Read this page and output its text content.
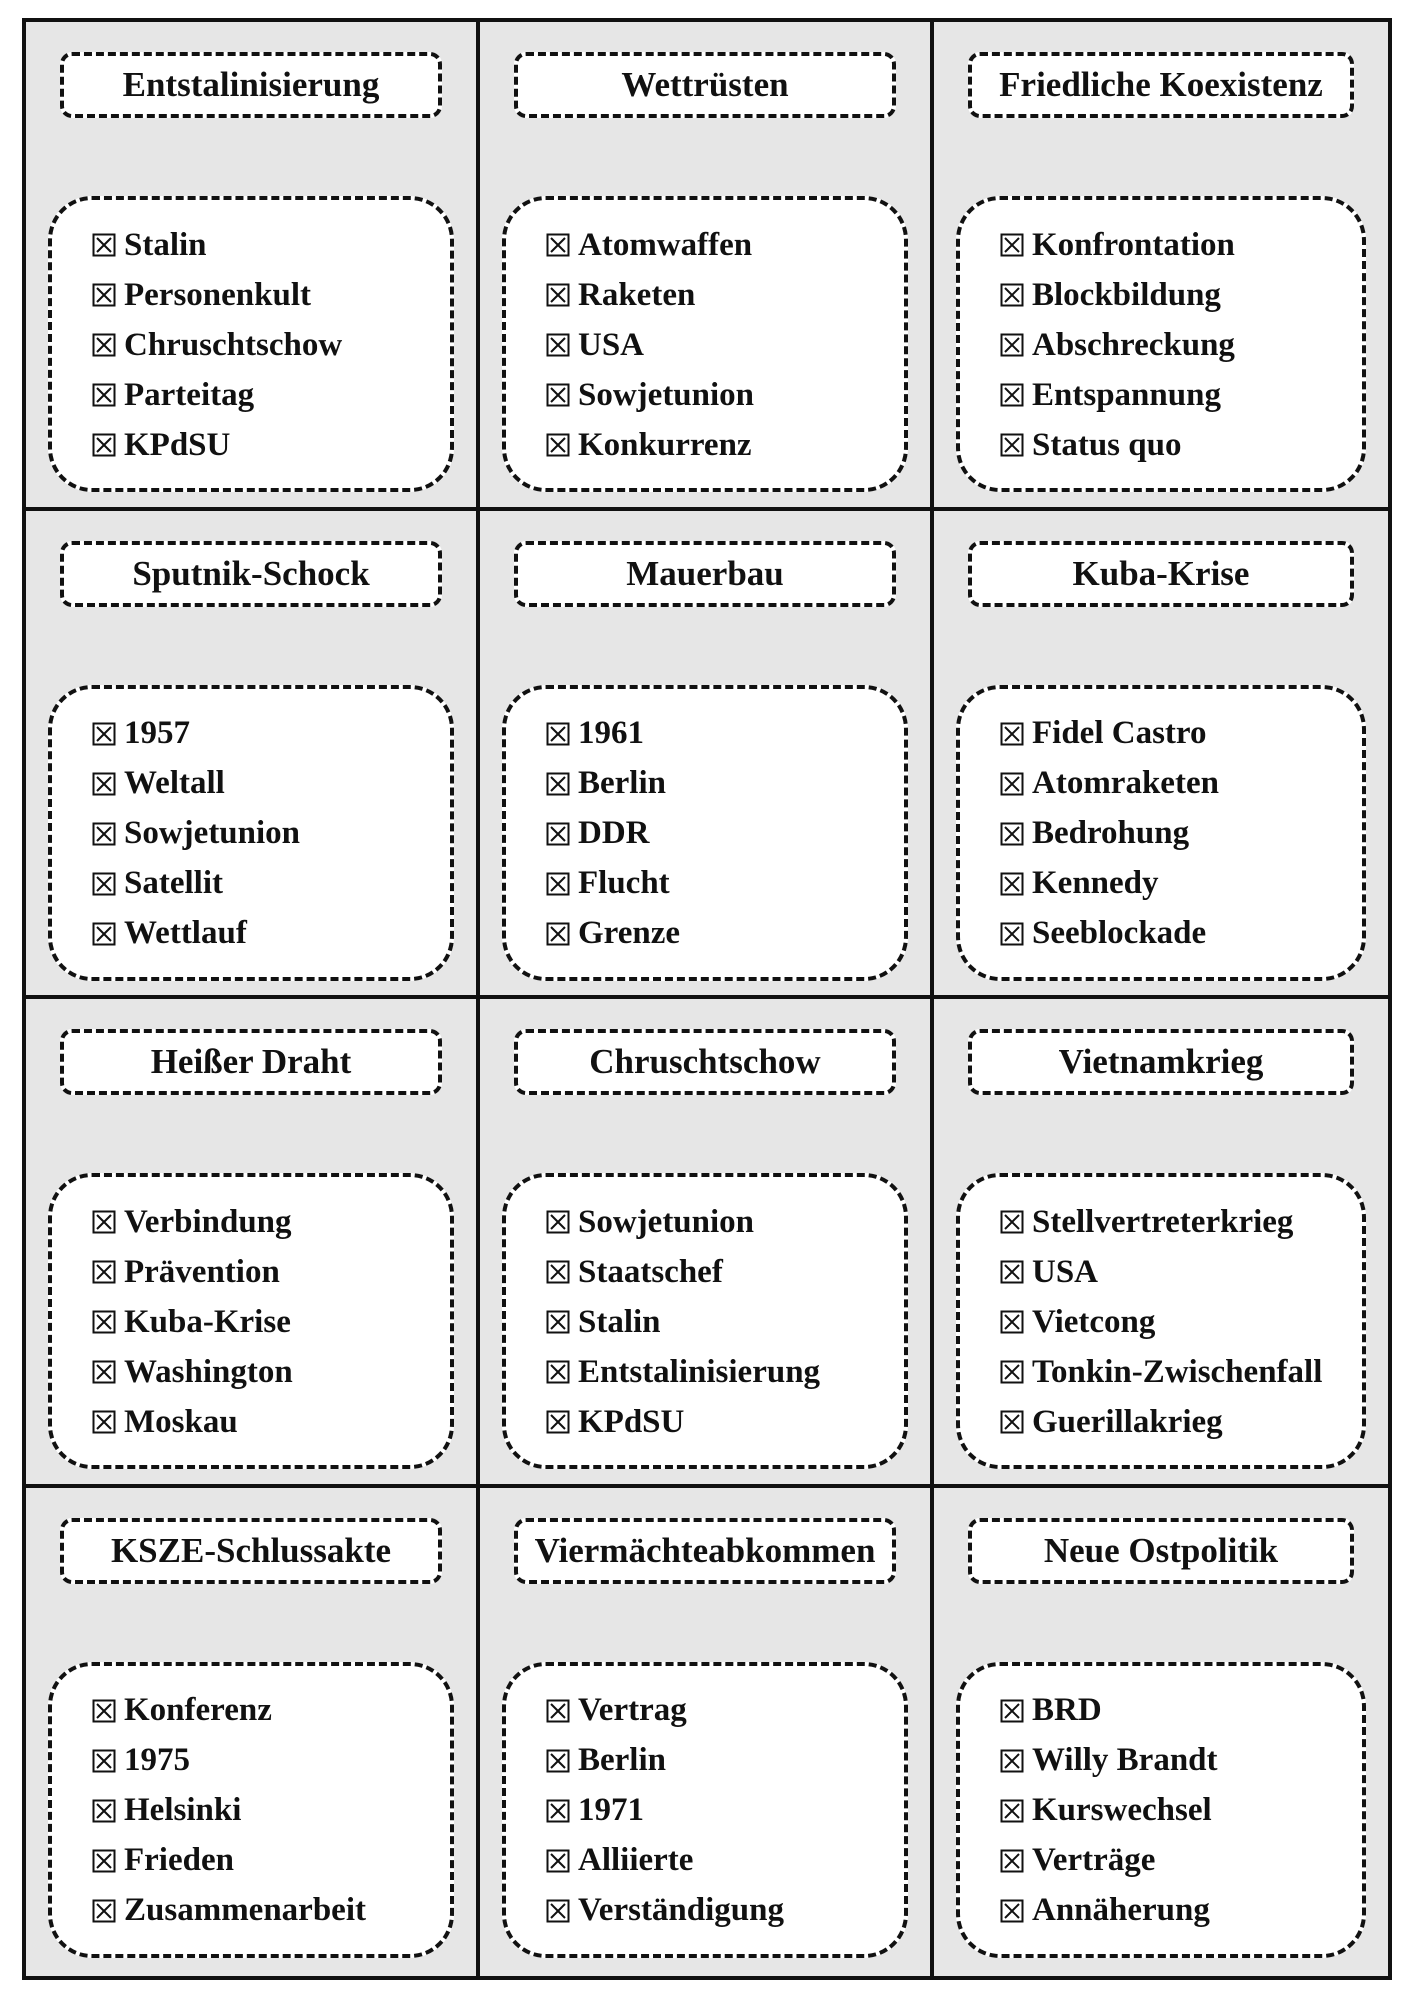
Entstalinisierung
Stalin
Personenkult
Chruschtschow
Parteitag
KPdSU
Wettrüsten
Atomwaffen
Raketen
USA
Sowjetunion
Konkurrenz
Friedliche Koexistenz
Konfrontation
Blockbildung
Abschreckung
Entspannung
Status quo
Sputnik-Schock
1957
Weltall
Sowjetunion
Satellit
Wettlauf
Mauerbau
1961
Berlin
DDR
Flucht
Grenze
Kuba-Krise
Fidel Castro
Atomraketen
Bedrohung
Kennedy
Seeblockade
Heißer Draht
Verbindung
Prävention
Kuba-Krise
Washington
Moskau
Chruschtschow
Sowjetunion
Staatschef
Stalin
Entstalinisierung
KPdSU
Vietnamkrieg
Stellvertreterkrieg
USA
Vietcong
Tonkin-Zwischenfall
Guerillakrieg
KSZE-Schlussakte
Konferenz
1975
Helsinki
Frieden
Zusammenarbeit
Viermächteabkommen
Vertrag
Berlin
1971
Alliierte
Verständigung
Neue Ostpolitik
BRD
Willy Brandt
Kurswechsel
Verträge
Annäherung
